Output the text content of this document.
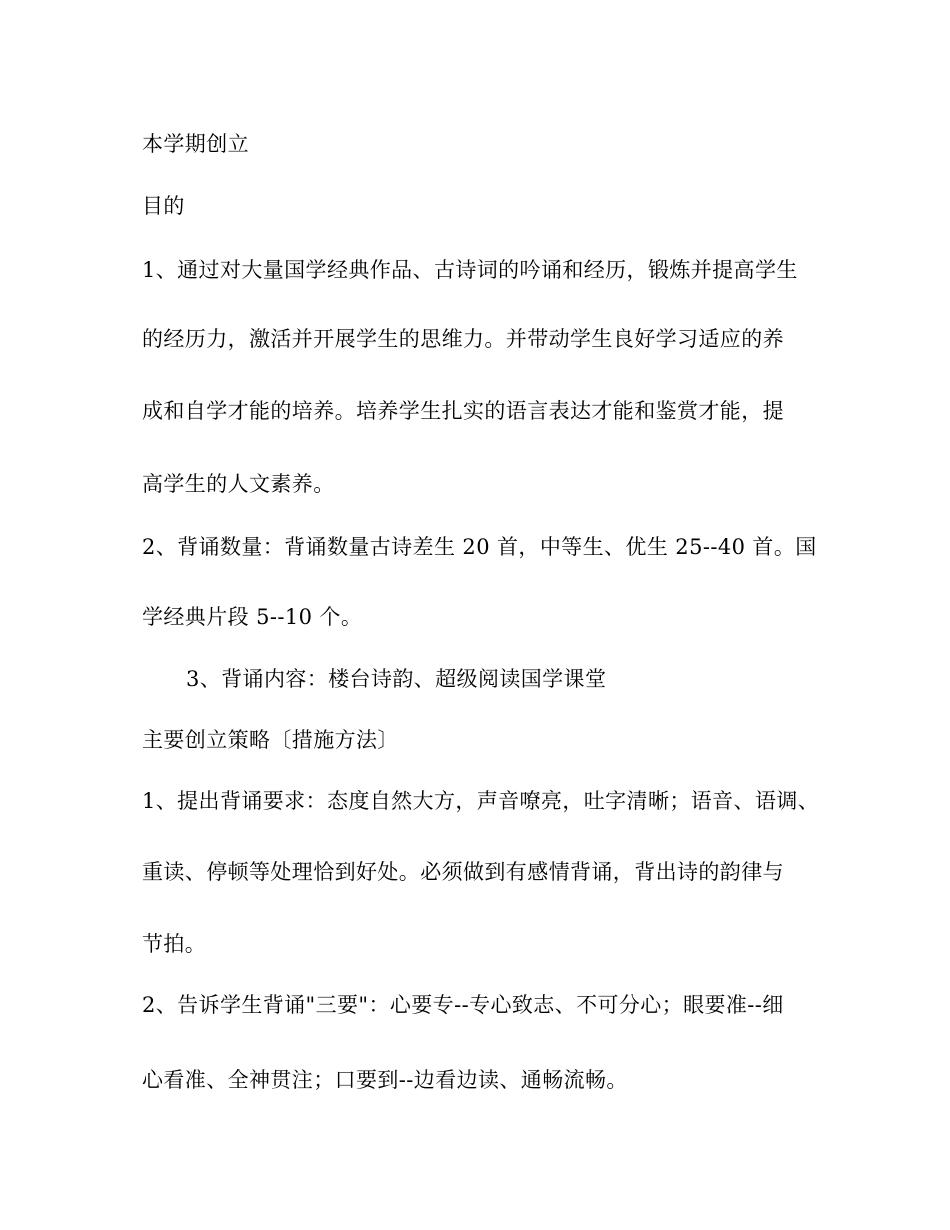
本学期创立
目的
1、通过对大量国学经典作品、古诗词的吟诵和经历，锻炼并提高学生
的经历力，激活并开展学生的思维力。并带动学生良好学习适应的养
成和自学才能的培养。培养学生扎实的语言表达才能和鉴赏才能，提
高学生的人文素养。
2、背诵数量：背诵数量古诗差生 20 首，中等生、优生 25--40 首。国
学经典片段 5--10 个。
3、背诵内容：楼台诗韵、超级阅读国学课堂
主要创立策略〔措施方法〕
1、提出背诵要求：态度自然大方，声音嘹亮，吐字清晰；语音、语调、
重读、停顿等处理恰到好处。必须做到有感情背诵，背出诗的韵律与
节拍。
2、告诉学生背诵"三要"：心要专--专心致志、不可分心；眼要准--细
心看准、全神贯注；口要到--边看边读、通畅流畅。
